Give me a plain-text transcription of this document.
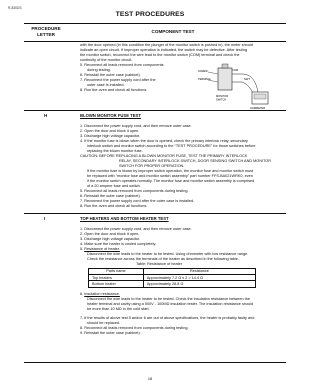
R-830DS
TEST PROCEDURES
PROCEDURE
LETTER
COMPONENT TEST
with the door opened (in this condition the plunger of the monitor switch is pushed in), the meter should
indicate an open circuit. If improper operation is indicated, the switch may be defective. After testing
the monitor switch, reconnect the wire lead to the monitor switch (COM) terminal and check the
continuity of the monitor circuit.
5. Reconnect all leads removed from components
during testing.
6. Reinstall the outer case (cabinet).
7. Reconnect the power supply cord after the
outer case is installed.
8. Run the oven and check all functions.
SCREW
TERMINAL
COM
NWT
MONITOR
SWITCH
OHMMETER
H	BLOWN MONITOR FUSE TEST
1. Disconnect the power supply cord, and then remove outer case.
2. Open the door and block it open.
3. Discharge high voltage capacitor.
4. If the monitor fuse is blown when the door is opened, check the primary interlock relay, secondary
interlock switch and monitor switch according to the "TEST PROCEDURE" for those switches before
replacing the blown monitor fuse.
CAUTION: BEFORE REPLACING A BLOWN MONITOR FUSE, TEST THE PRIMARY INTERLOCK
RELAY, SECONDARY INTERLOCK SWITCH, DOOR SENSING SWITCH AND MONITOR
SWITCH FOR PROPER OPERATION.
If the monitor fuse is blown by improper switch operation, the monitor fuse and monitor switch must
be replaced with "monitor fuse and monitor switch assembly" part number FFS-BA021WRK0, even
if the monitor switch operates normally. The monitor fuse and monitor switch assembly is comprised
of a 20 ampere fuse and switch.
5. Reconnect all leads removed from components during testing.
6. Reinstall the outer case (cabinet).
7. Reconnect the power supply cord after the outer case is installed.
8. Run the oven and check all functions.
I	TOP HEATERS AND BOTTOM HEATER TEST
1. Disconnect the power supply cord, and then remove outer case.
2. Open the door and block it open.
3. Discharge high voltage capacitor.
4. Make sure the heater is cooled completely.
5. Resistance of heater.
Disconnect the wire leads to the heater to be tested. Using ohmmeter with low resistance range.
Check the resistance across the terminals of the heater as described in the following table.
Table: Resistance of heater
Parts name	Resistance
Top heaters	Approximately 7.2 Ω x 2 = 14.4 Ω
Bottom heater	Approximately 28.8 Ω
6. Insulation resistance.
Disconnect the wire leads to the heater to be tested. Check the insulation resistance between the
heater terminal and cavity using a 500V - 100MΩ insulation tester. The insulation resistance should
be more than 10 MΩ in the cold start.
7. If the results of above test 5 and/or 6 are out of above specifications, the heater is probably faulty and
should be replaced.
8. Reconnect all leads removed from components during testing.
9. Reinstall the outer case (cabinet).
18
